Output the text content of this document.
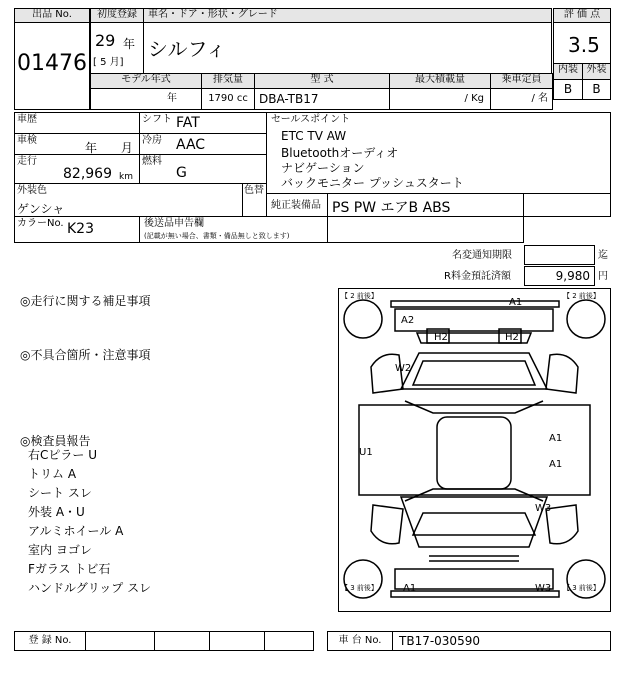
出品 No.
01476
初度登録
29 年
[ 5 月]
車名・ドア・形状・グレード
シルフィ
評 価 点
3.5
内装 外装
B	B
モデル年式	排気量	型 式	最大積載量	乗車定員
年	1790 cc DBA-TB17	/ Kg	/ 名
車歴	シフト FAT
車検
年 月
冷房 AAC
走行
82,969 km
燃料
G
セールスポイント
ETC TV AW
Bluetoothオーディオ
ナビゲーション
バックモニター プッシュスタート
外装色
ゲンシャ
色替
純正装備品 PS PW エアB ABS
カラーNo. K23	後送品申告欄
(記載が無い場合、書類・備品無しと致します)
名変通知期限	迄
R料金預託済額	9,980 円
◎走行に関する補足事項
◎不具合箇所・注意事項
◎検査員報告
右Cピラー U
トリム A
シート スレ
外装 A・U
アルミホイール A
室内 ヨゴレ
Fガラス トビ石
ハンドルグリップ スレ
【 2 前後】	【 2 前後】
【 3 前後】	【 3 前後】
A1
A2
H2	H2
W2
U1
A1
A1
W3
A1	W3
登 録 No.	車 台 No.	TB17-030590
